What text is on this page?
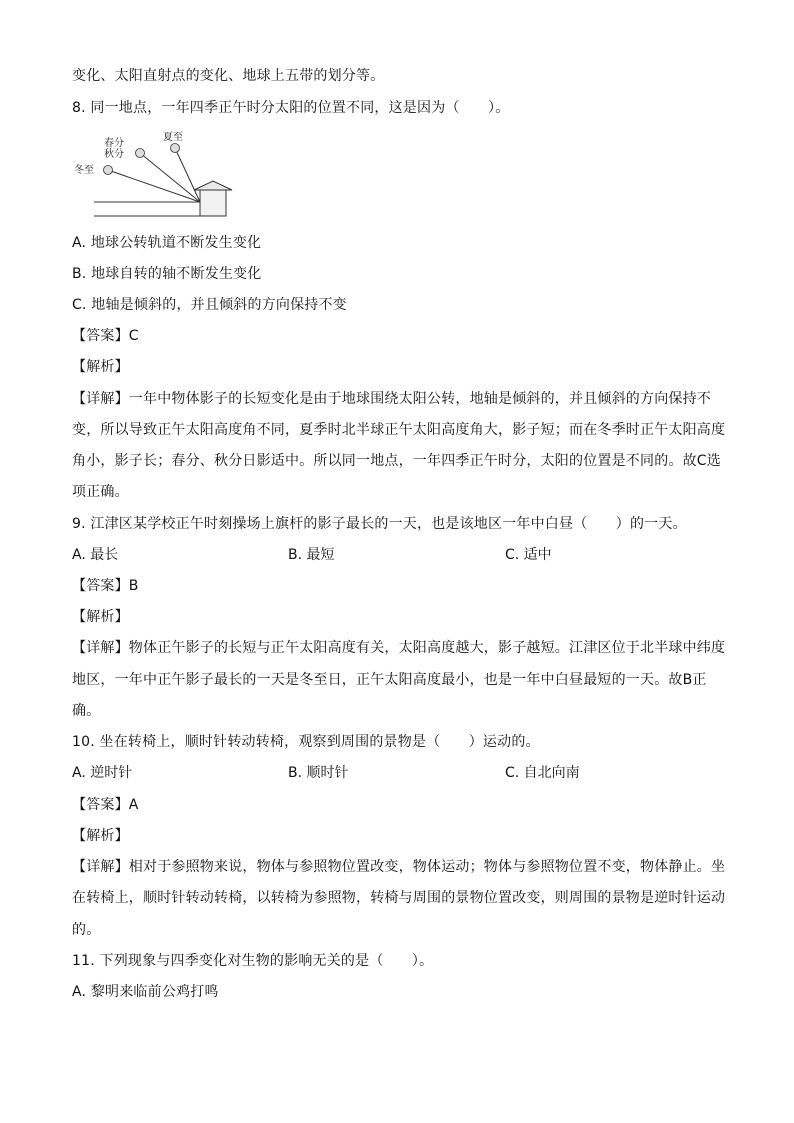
变化、太阳直射点的变化、地球上五带的划分等。
8. 同一地点，一年四季正午时分太阳的位置不同，这是因为（　　）。
夏至
春分
秋分
冬至
A. 地球公转轨道不断发生变化
B. 地球自转的轴不断发生变化
C. 地轴是倾斜的，并且倾斜的方向保持不变
【答案】C
【解析】
【详解】一年中物体影子的长短变化是由于地球围绕太阳公转，地轴是倾斜的，并且倾斜的方向保持不
变，所以导致正午太阳高度角不同，夏季时北半球正午太阳高度角大，影子短；而在冬季时正午太阳高度
角小，影子长；春分、秋分日影适中。所以同一地点，一年四季正午时分，太阳的位置是不同的。故C选
项正确。
9. 江津区某学校正午时刻操场上旗杆的影子最长的一天，也是该地区一年中白昼（　　）的一天。
A. 最长	B. 最短	C. 适中
【答案】B
【解析】
【详解】物体正午影子的长短与正午太阳高度有关，太阳高度越大，影子越短。江津区位于北半球中纬度
地区，一年中正午影子最长的一天是冬至日，正午太阳高度最小，也是一年中白昼最短的一天。故B正
确。
10. 坐在转椅上，顺时针转动转椅，观察到周围的景物是（　　）运动的。
A. 逆时针	B. 顺时针	C. 自北向南
【答案】A
【解析】
【详解】相对于参照物来说，物体与参照物位置改变，物体运动；物体与参照物位置不变，物体静止。坐
在转椅上，顺时针转动转椅，以转椅为参照物，转椅与周围的景物位置改变，则周围的景物是逆时针运动
的。
11. 下列现象与四季变化对生物的影响无关的是（　　）。
A. 黎明来临前公鸡打鸣
